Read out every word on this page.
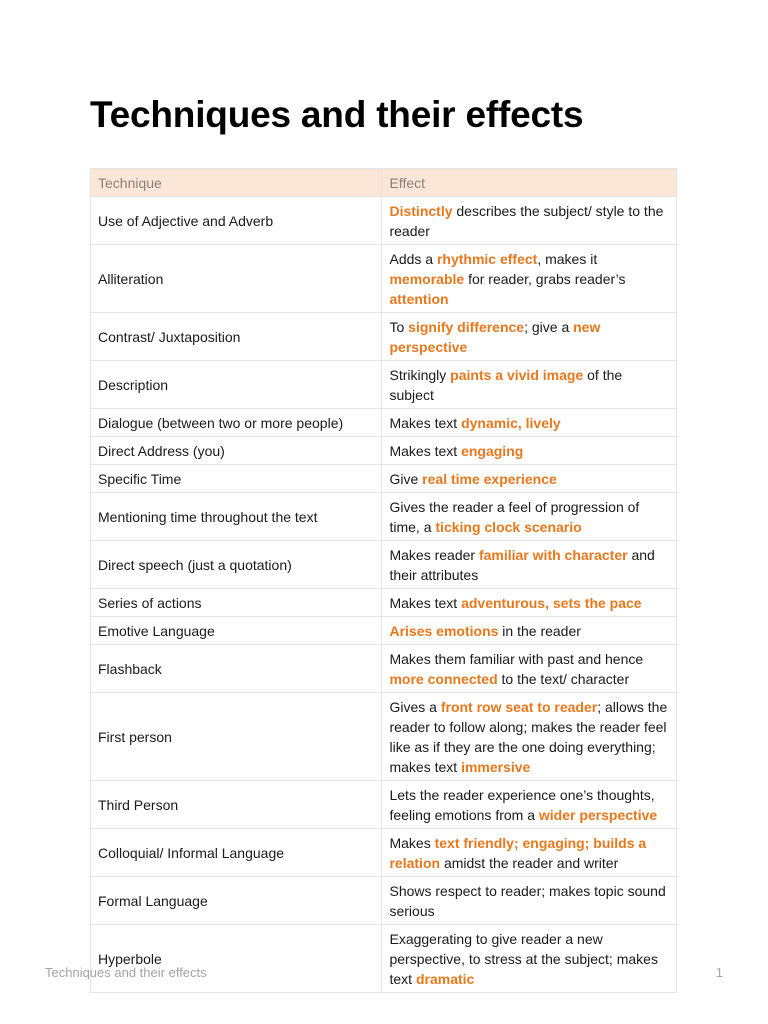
Techniques and their effects
Technique	Effect
Use of Adjective and Adverb	Distinctly describes the subject/ style to the reader
Alliteration	Adds a rhythmic effect, makes it memorable for reader, grabs reader’s attention
Contrast/ Juxtaposition	To signify difference; give a new perspective
Description	Strikingly paints a vivid image of the subject
Dialogue (between two or more people)	Makes text dynamic, lively
Direct Address (you)	Makes text engaging
Specific Time	Give real time experience
Mentioning time throughout the text	Gives the reader a feel of progression of time, a ticking clock scenario
Direct speech (just a quotation)	Makes reader familiar with character and their attributes
Series of actions	Makes text adventurous, sets the pace
Emotive Language	Arises emotions in the reader
Flashback	Makes them familiar with past and hence more connected to the text/ character
First person	Gives a front row seat to reader; allows the reader to follow along; makes the reader feel like as if they are the one doing everything; makes text immersive
Third Person	Lets the reader experience one’s thoughts, feeling emotions from a wider perspective
Colloquial/ Informal Language	Makes text friendly; engaging; builds a relation amidst the reader and writer
Formal Language	Shows respect to reader; makes topic sound serious
Hyperbole	Exaggerating to give reader a new perspective, to stress at the subject; makes text dramatic
Techniques and their effects	1
